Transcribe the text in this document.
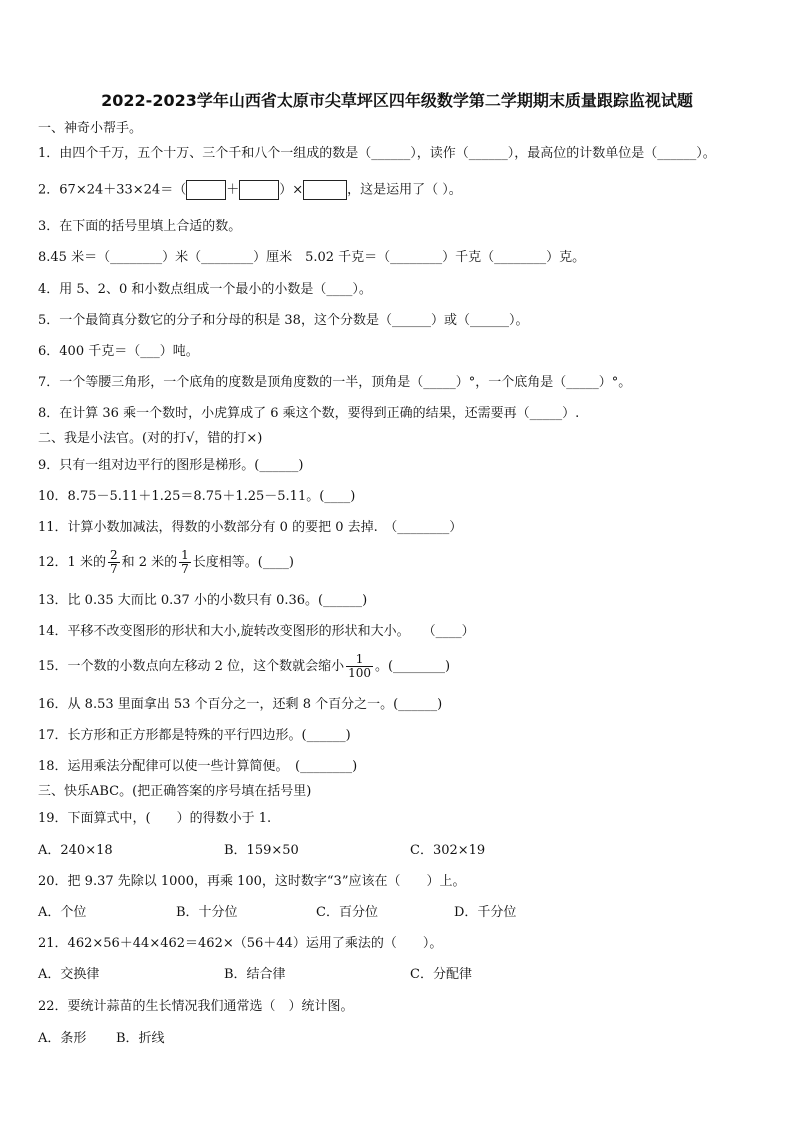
2022-2023学年山西省太原市尖草坪区四年级数学第二学期期末质量跟踪监视试题
一、神奇小帮手。
1．由四个千万，五个十万、三个千和八个一组成的数是（______），读作（______），最高位的计数单位是（______）。
2．67×24＋33×24＝（	＋	）×	，这是运用了（ ）。
3．在下面的括号里填上合适的数。
8.45 米＝（________）米（________）厘米　5.02 千克＝（________）千克（________）克。
4．用 5、2、0 和小数点组成一个最小的小数是（____）。
5．一个最简真分数它的分子和分母的积是 38，这个分数是（______）或（______）。
6．400 千克＝（___）吨。
7．一个等腰三角形，一个底角的度数是顶角度数的一半，顶角是（_____）°，一个底角是（_____）°。
8．在计算 36 乘一个数时，小虎算成了 6 乘这个数，要得到正确的结果，还需要再（_____）.
二、我是小法官。(对的打√，错的打×)
9．只有一组对边平行的图形是梯形。(______)
10．8.75－5.11＋1.25＝8.75＋1.25－5.11。(____)
11．计算小数加减法，得数的小数部分有 0 的要把 0 去掉.　（________）
12．1 米的 $\frac{2}{7}$ 和 2 米的 $\frac{1}{7}$ 长度相等。(____)
13．比 0.35 大而比 0.37 小的小数只有 0.36。(______)
14．平移不改变图形的形状和大小,旋转改变图形的形状和大小。　　（____）
15．一个数的小数点向左移动 2 位，这个数就会缩小 $\frac{1}{100}$ 。(________)
16．从 8.53 里面拿出 53 个百分之一，还剩 8 个百分之一。(______)
17．长方形和正方形都是特殊的平行四边形。(______)
18．运用乘法分配律可以使一些计算简便。　(________)
三、快乐ABC。(把正确答案的序号填在括号里)
19．下面算式中，(　　）的得数小于 1.
A．240×18	B．159×50	C．302×19
20．把 9.37 先除以 1000，再乘 100，这时数字“3”应该在（　　）上。
A．个位	B．十分位	C．百分位	D．千分位
21．462×56＋44×462＝462×（56＋44）运用了乘法的（　　）。
A．交换律	B．结合律	C．分配律
22．要统计蒜苗的生长情况我们通常选（　）统计图。
A．条形 B．折线
